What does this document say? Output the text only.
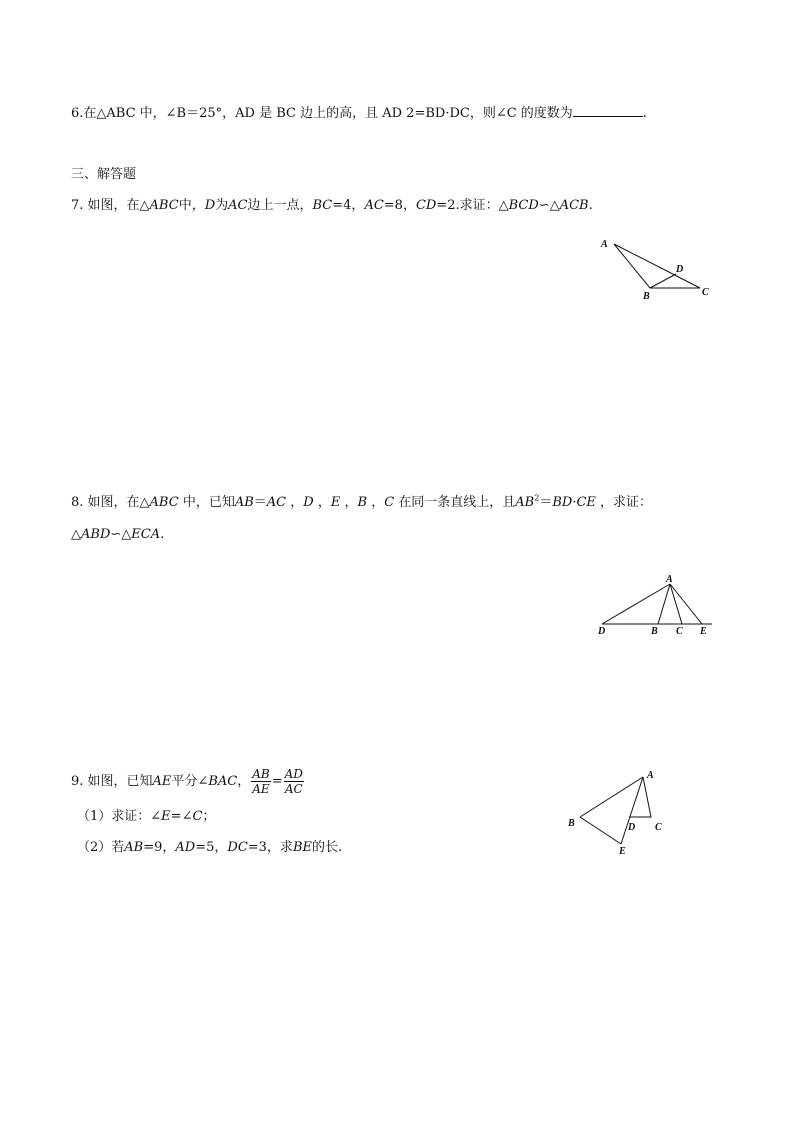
6.在△ABC 中，∠B＝25°，AD 是 BC 边上的高，且 AD 2=BD·DC，则∠C 的度数为	.
三、解答题
7. 如图，在△ABC中，D为AC边上一点，BC=4，AC=8，CD=2.求证：△BCD∽△ACB.
A
D
B	C
8. 如图，在△ABC 中，已知AB＝AC ，D ，E ，B ，C 在同一条直线上，且$AB^2=BD\cdot CE$ ，求证：
△ABD∽△ECA.
A
D	B C E
9. 如图，已知 AE 平分∠ BAC ， $\frac{AB}{AE} = \frac{AD}{AC}$
（1）求证：∠E=∠C；
（2）若AB=9，AD=5，DC=3，求BE的长.
A
B	D C
E
